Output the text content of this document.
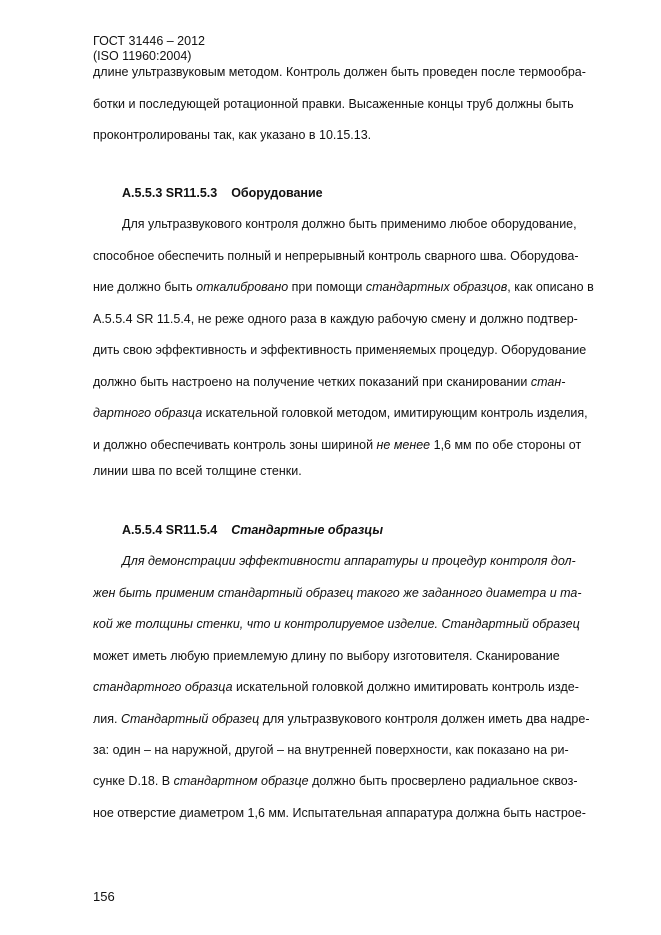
ГОСТ 31446 – 2012
(ISO 11960:2004)
длине ультразвуковым методом. Контроль должен быть проведен после термообра-
ботки и последующей ротационной правки. Высаженные концы труб должны быть
проконтролированы так, как указано в 10.15.13.
А.5.5.3 SR11.5.3 Оборудование
Для ультразвукового контроля должно быть применимо любое оборудование,
способное обеспечить полный и непрерывный контроль сварного шва. Оборудова-
ние должно быть откалибровано при помощи стандартных образцов, как описано в
А.5.5.4 SR 11.5.4, не реже одного раза в каждую рабочую смену и должно подтвер-
дить свою эффективность и эффективность применяемых процедур. Оборудование
должно быть настроено на получение четких показаний при сканировании стан-
дартного образца искательной головкой методом, имитирующим контроль изделия,
и должно обеспечивать контроль зоны шириной не менее 1,6 мм по обе стороны от
линии шва по всей толщине стенки.
А.5.5.4 SR11.5.4 Стандартные образцы
Для демонстрации эффективности аппаратуры и процедур контроля дол-
жен быть применим стандартный образец такого же заданного диаметра и та-
кой же толщины стенки, что и контролируемое изделие. Стандартный образец
может иметь любую приемлемую длину по выбору изготовителя. Сканирование
стандартного образца искательной головкой должно имитировать контроль изде-
лия. Стандартный образец для ультразвукового контроля должен иметь два надре-
за: один – на наружной, другой – на внутренней поверхности, как показано на ри-
сунке D.18. В стандартном образце должно быть просверлено радиальное сквоз-
ное отверстие диаметром 1,6 мм. Испытательная аппаратура должна быть настрое-
156
